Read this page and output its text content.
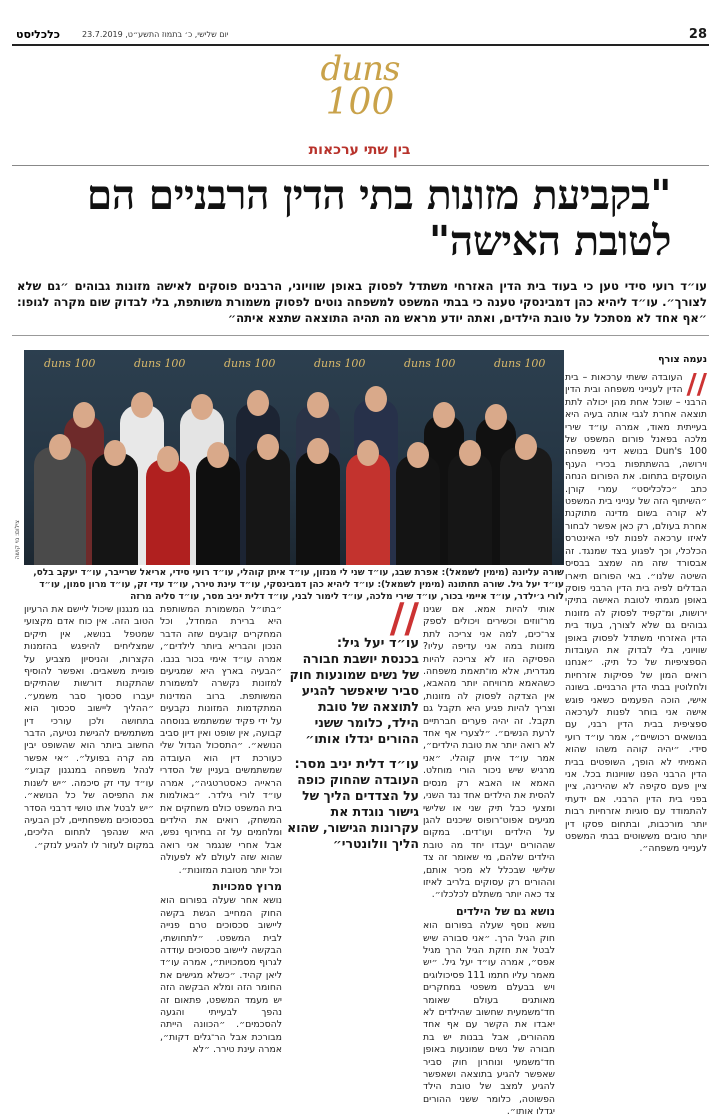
28
כלכליסט	יום שלישי, כ׳ בתמוז התשע״ט, 23.7.2019
duns
100
בין שתי ערכאות
"בקביעת מזונות בתי הדין הרבניים הם לטובת האישה"
עו״ד רועי סידי טען כי בעוד בית הדין האזרחי משתדל לפסוק באופן שוויוני, הרבנים פוסקים לאישה מזונות גבוהים ״גם שלא לצורך״. עו״ד ליהיא כהן דמבינסקי טענה כי בבתי המשפט למשפחה נוטים לפסוק משמורת משותפת, בלי לבדוק שום מקרה לגופו: ״אף אחד לא מסתכל על טובת הילדים, ואתה יודע מראש מה תהיה התוצאה שתצא איתה״
duns 100	duns 100	duns 100	duns 100	duns 100	duns 100
צילום: נוי קושה
שורה עליונה (מימין לשמאל): אפרת שבג, עו״ד שני לי מנזון, עו״ד איתן קוהלי, עו״ד רועי סידי, אריאל שרייבר, עו״ד יעקב בלס, עו״ד יעל גיל. שורה תחתונה (מימין לשמאל): עו״ד ליהיא כהן דמבינסקי, עו״ד עינת טירר, עו״ד עדי זק, עו״ד מרון סמון, עו״ד לורי ג׳ילדר, עו״ד איימי בכור, עו״ד שירי מלכה, עו״ד לימור לבני, עו״ד דלית יניב מסר, עו״ד סליה מרזה
נעמה צורף
//
העובדה ששתי ערכאות – בית הדין לענייני משפחה ובית הדין הרבני – שוכל אחת מהן יכולה לתת תוצאה אחרת לגבי אותה בעיה היא בעייתית מאוד, אמרה עו״ד שירי מלכה בפאנל פורום המשפט של Dun's 100 בנושא דיני משפחה וירושה, בהשתתפות בכירי הענף העוסקים בתחום. את הפורום הנחה כתב ״כלכליסט״ עמרי קורן. ״השיתוף הזה של ענייני בית המשפט לא קורה בשום מדינה מתוקנת אחרת בעולם, רק כאן אפשר לבחור לאיזו ערכאה לפנות לפי האינטרס הכלכלי, וכך לפגוע בצד שמנגד. זה אבסורד שזה מה שמצב בבסיס השיטה שלנו״. באי הפורום תיארו הבדלים לפיה בית הדין הרבני פוסק באופן מגמתי לטובת האישה בתיקי ירושות, ומ־קפיד לפסוק לה מזונות גבוהים גם שלא לצורך, בעוד בית הדין האזרחי משתדל לפסוק באופן שוויוני, בלי לבדוק את העובדות הספציפיות של כל תיק. ״אנחנו רואים המון של פסיקות אזרחיות ולחלוטין בבתי הדין הרבניים. בשונה אישי, הוכה הפעמים כשאני פוגש אישה אני בוחר לפנות לערכאה ספציפית בבית הדין רבני, עם בנושאים רכושיים״, אמר עו״ד רועי סידי. ״יהיה קוהה משהו שהוא האמיתי לא הופך, השופטים בבית הדין הרבני הפנו שוויונות בכל. אני ציין פעם סקיפה לא שהירינה, ציין בפני בית הדין הרבני. אם ידעתי להתמודד עם סוגיות אזרחיות רבות יותר מורכבות, ובתחום פסקו דין יותר טובים מששוטים בבתי המשפט לענייני משפחה״.
אותי להיות אמא. אם שגינו מר־ווזים וכשירים ויכולים לספק צר־כים, למה אני צריכה לתת מזונות במה אני עדיפה עליו? הפסיקה הזו לא צריכה להיות מגדרית, אלא מו־תאמת משפחה. כשהאמא מרוויחה יותר מהאבא, אין הצדקה לפסוק לה מזונות, וצריך להיות פגיע היא תקבל גם תקבל. זה יהיה פערים חברתיים לרעת הנשים״. ״לצערי אף אחד לא רואה יותר את טובת הילדים״, אמר עו״ד איתן קוהלי. ״אני מרגיש שיש ניכור הורי מוחלט. האמא או האבא רק מנסים להסית את הילדים אחד נגד השני, ומצעי כבל תיק שני או שלישי מגיעים אפוט־רופוס שיכנים להגן על הילדים ועו־דים. במקום שההורים יעבדו יחד מה טובת הילדים שלהם, מי שאומר זה צד שלישי שבכלל לא מכיר אותם, וההורים רק עסוקים בלריב לאיזו צד כאה יותר משתלם לכלכלו״.
נושא גם של הילדים
נושא נוסף שעלה בפורום הוא חוק הגיל הרך. ״אני סבורה שיש לבטל את חזקת הגיל הרך מגיל אפס״, אמרה עו״ד יעל גיל. ״יש מאמר עליו חתמו 111 פסיכולוגים ויש בבעלם משפטי במחקרים מאותגים בעולם שאומר חד־משמעית שחשוב שהילדים לא יאבדו את הקשר עם אף אחד מההורים, אבל בבנות יש בת חבורה של נשים שמונעות באופן חד־משמעי ונוחרון חוק סביר שאפשר להגיע בתוצאה ושאפשר להגיע למצב של טובת הילד הפשוטה, כלומר ששני ההורים יגדלו אותו״.
//
עו״ד יעל גיל:
בכנסת יושבת חבורה של נשים שמונעות חוק סביר שיאפשר להגיע לתוצאה של טובת הילד, כלומר ששני ההורים יגדלו אותו״
עו״ד דלית יניב מסר:
העובדה שהחוק כופה על הצדדים הליך של גישור נוגדת את עקרונות הגישור, שהוא הליך וולונטרי״
״בתו״ל המשמורת המשותפת היא ברירת המחדל, וכל המחקרים קובעים שזה הדבר הנכון והבריא ביותר לילדים״, אמרה עו״ד אימי בכור בנבו. ״הבעיה בארץ היא שמגיעים למזונות נקשרה למשמורת המשותפת. ברוב המדינות המתקדמות המזונות נקבעים על ידי פקיד שמשתמש בנוסחה קבועה, אין שופט ואין דיון סביב הנושא״. ״התסכול הגדול שלי כעורכת דין הוא העובדה שמשתמשים בעניין של הסדרי הראייה כאסטרטגיה״, אמרה עו״ד לורי גילדר. ״באולמות בית המשפט כולם משחקים את המשחק, רואים את הילדים ומלחמים על זה בחירוף נפש, אבל אחרי שנגמר אני רואה שהוא שזה לעולם לא לפעולה וכל יותר מטובת המזונות״.
מרוץ סמכויות
נושא אחר שעלה בפורום הוא החוק המחייב הגשת בקשה ליישוב סכסוכים טרם פנייה לבית המשפט. ״לתחושתי, הבקשה ליישוב סכסוכים עודדה לגרוף מסמכויות״, אמרה עו״ד ליאן קהיד. ״כשלא מגישים את החומר הזה ומלא הבקשה הזה יש מעמד המשפט, פתאום זה נהפך לבעייתי והגעה להסכמים״. ״הכוונה הייתה מבורכת אבל הר־גלים דקות״, אמרה עינת טירר. ״לא
בגו מנגנון שיכול ליישם את הרעיון הטוב הזה. אין כוח אדם מקצועי שמטפל בנושא, אין תיקים שמצליחים להיפגש בהזמנות הקצרות, והניסיון מצביע על פוגיית משאבים. ואפשר להוסיף שהתקנות דורשות שהתיקים יעברו סכסוך סבר משמע״. ״ההליך ליישוב סכסוך הוא בתחושה ולכן עורכי דין משתמשים להגישת נטיעה, הדבר החשוב ביותר הוא שהשופט יבין מה קרה בפועל״. ״אי אפשר לנהל משפחה במנגנון קבוע״ עו״ד עדי זק סיכמה. ״יש לשנות את התפיסה של כל הנושא״. ״יש לבטל אתו טושי דרבני הסדר בסכסוכים משפחתיים, לכן הבעיה היא שנהפך לתחום הליכים, במקום לעזור לו להגיע לנזק״.
